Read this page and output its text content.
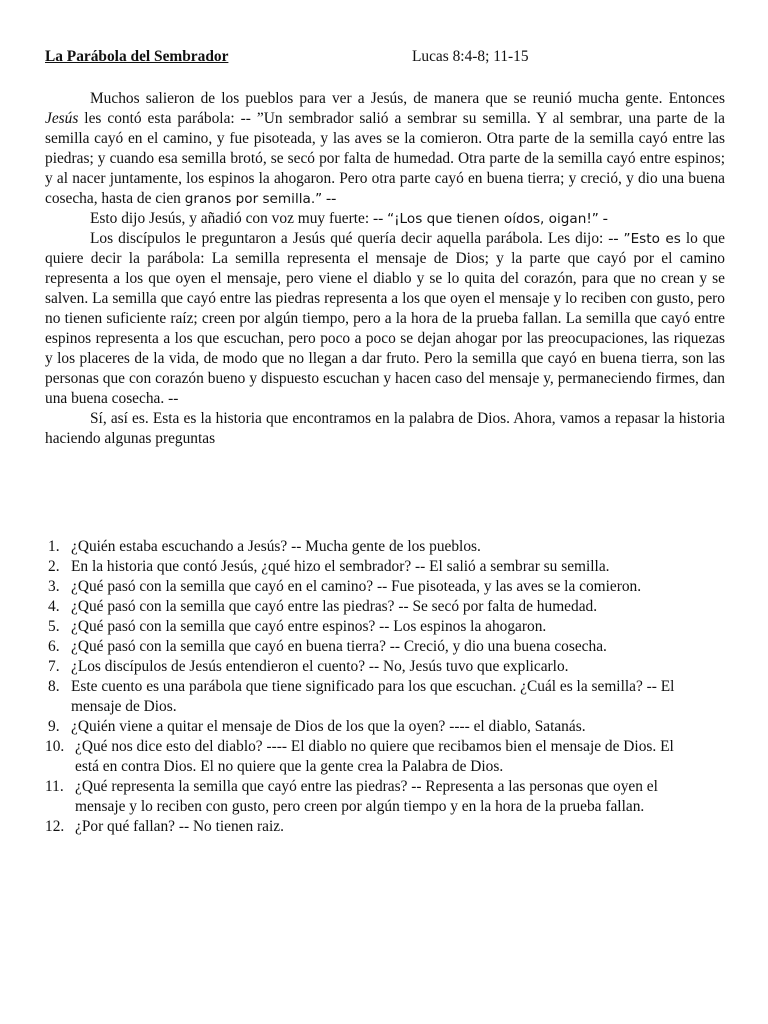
La Parábola del Sembrador	Lucas 8:4-8; 11-15

Muchos salieron de los pueblos para ver a Jesús, de manera que se reunió mucha gente. Entonces Jesús les contó esta parábola: -- ”Un sembrador salió a sembrar su semilla. Y al sembrar, una parte de la semilla cayó en el camino, y fue pisoteada, y las aves se la comieron. Otra parte de la semilla cayó entre las piedras; y cuando esa semilla brotó, se secó por falta de humedad. Otra parte de la semilla cayó entre espinos; y al nacer juntamente, los espinos la ahogaron. Pero otra parte cayó en buena tierra; y creció, y dio una buena cosecha, hasta de cien granos por semilla.” --

Esto dijo Jesús, y añadió con voz muy fuerte: -- “¡Los que tienen oídos, oigan!” -

Los discípulos le preguntaron a Jesús qué quería decir aquella parábola. Les dijo: -- ”Esto es lo que quiere decir la parábola: La semilla representa el mensaje de Dios; y la parte que cayó por el camino representa a los que oyen el mensaje, pero viene el diablo y se lo quita del corazón, para que no crean y se salven. La semilla que cayó entre las piedras representa a los que oyen el mensaje y lo reciben con gusto, pero no tienen suficiente raíz; creen por algún tiempo, pero a la hora de la prueba fallan. La semilla que cayó entre espinos representa a los que escuchan, pero poco a poco se dejan ahogar por las preocupaciones, las riquezas y los placeres de la vida, de modo que no llegan a dar fruto. Pero la semilla que cayó en buena tierra, son las personas que con corazón bueno y dispuesto escuchan y hacen caso del mensaje y, permaneciendo firmes, dan una buena cosecha. --

Sí, así es. Esta es la historia que encontramos en la palabra de Dios. Ahora, vamos a repasar la historia haciendo algunas preguntas

1. ¿Quién estaba escuchando a Jesús? -- Mucha gente de los pueblos.
2. En la historia que contó Jesús, ¿qué hizo el sembrador? -- El salió a sembrar su semilla.
3. ¿Qué pasó con la semilla que cayó en el camino? -- Fue pisoteada, y las aves se la comieron.
4. ¿Qué pasó con la semilla que cayó entre las piedras? -- Se secó por falta de humedad.
5. ¿Qué pasó con la semilla que cayó entre espinos? -- Los espinos la ahogaron.
6. ¿Qué pasó con la semilla que cayó en buena tierra? -- Creció, y dio una buena cosecha.
7. ¿Los discípulos de Jesús entendieron el cuento? -- No, Jesús tuvo que explicarlo.
8. Este cuento es una parábola que tiene significado para los que escuchan. ¿Cuál es la semilla? -- El mensaje de Dios.
9. ¿Quién viene a quitar el mensaje de Dios de los que la oyen? ---- el diablo, Satanás.
10. ¿Qué nos dice esto del diablo? ---- El diablo no quiere que recibamos bien el mensaje de Dios. El está en contra Dios. El no quiere que la gente crea la Palabra de Dios.
11. ¿Qué representa la semilla que cayó entre las piedras? -- Representa a las personas que oyen el mensaje y lo reciben con gusto, pero creen por algún tiempo y en la hora de la prueba fallan.
12. ¿Por qué fallan? -- No tienen raiz.
